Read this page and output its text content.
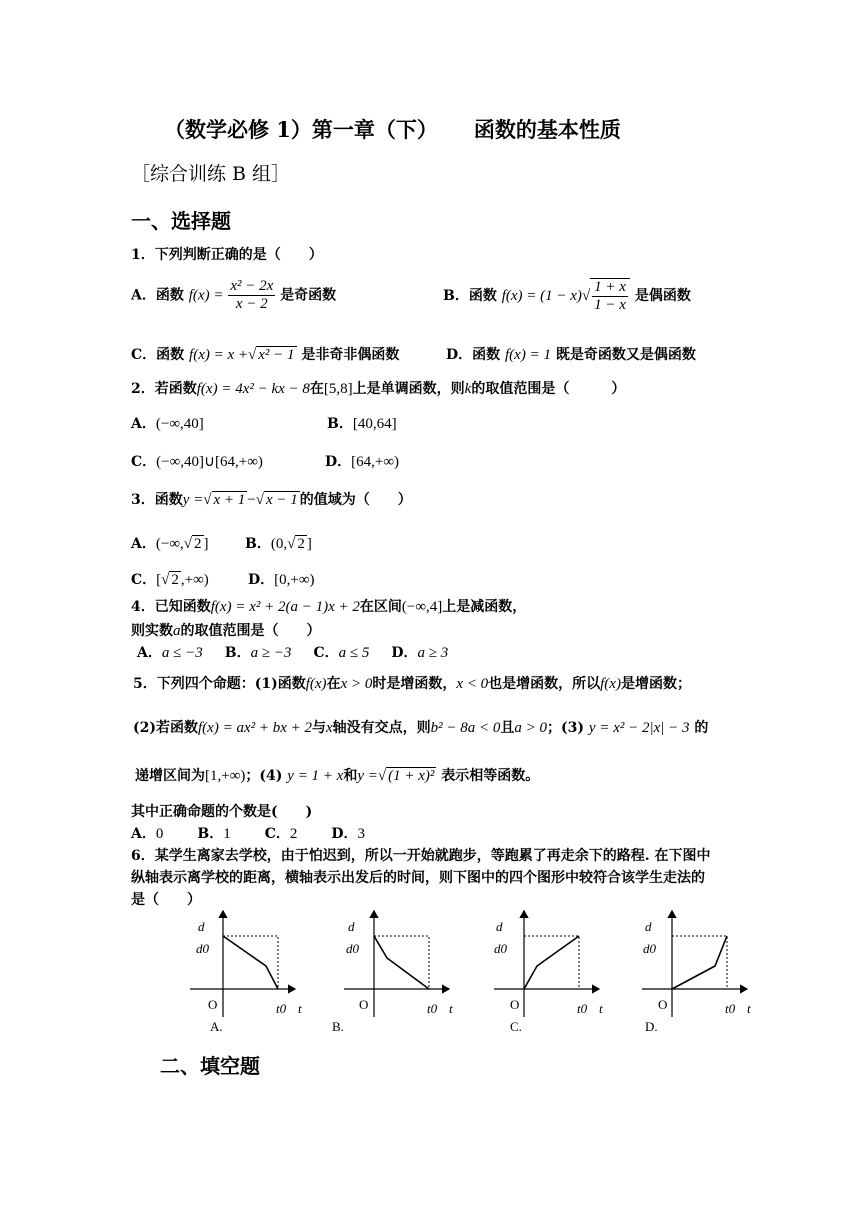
（数学必修 1）第一章（下） 函数的基本性质
［综合训练 B 组］
一、选择题
1．下列判断正确的是（　　）
A．函数 $f(x) = \frac{\text{x² − 2x}}{x - 2}$ 是奇函数	B．函数 $f(x) = (1 - x)√ \frac{1 + x}{1 - x}$ 是偶函数
C．函数 f(x) = x +√ x² − 1 是非奇非偶函数	D．函数 f(x) = 1 既是奇函数又是偶函数
2．若函数f(x) = 4x² − kx − 8在[5,8]上是单调函数，则k的取值范围是（　　　）
A．(−∞,40]	B．[40,64]
C．(−∞,40]∪[64,+∞)	D．[64,+∞)
3．函数y =√ x + 1 −√ x − 1 的值域为（　　）
A．(−∞,√ 2 ]	B．(0,√ 2 ]
C．[√ 2 ,+∞)	D．[0,+∞)
4．已知函数f(x) = x² + 2(a − 1)x + 2在区间(−∞,4]上是减函数，
则实数a的取值范围是（　　）
A．a ≤ −3 B．a ≥ −3 C．a ≤ 5 D．a ≥ 3
5．下列四个命题：(1)函数f(x)在x > 0时是增函数，x < 0也是增函数，所以f(x)是增函数；
(2)若函数f(x) = ax² + bx + 2与x轴没有交点，则b² − 8a < 0且a > 0；(3) y = x² − 2|x| − 3 的
递增区间为[1,+∞)；(4) y = 1 + x和y =√ (1 + x)² 表示相等函数。
其中正确命题的个数是(　　)
A．0 B．1 C．2 D．3
6．某学生离家去学校，由于怕迟到，所以一开始就跑步，等跑累了再走余下的路程. 在下图中
纵轴表示离学校的距离，横轴表示出发后的时间，则下图中的四个图形中较符合该学生走法的
是（　　）
d
d0
O	t0 t
A.
d
d0
O	t0 t
B.
d
d0
O	t0 t
C.
d
d0
O	t0 t
D.
二、填空题
